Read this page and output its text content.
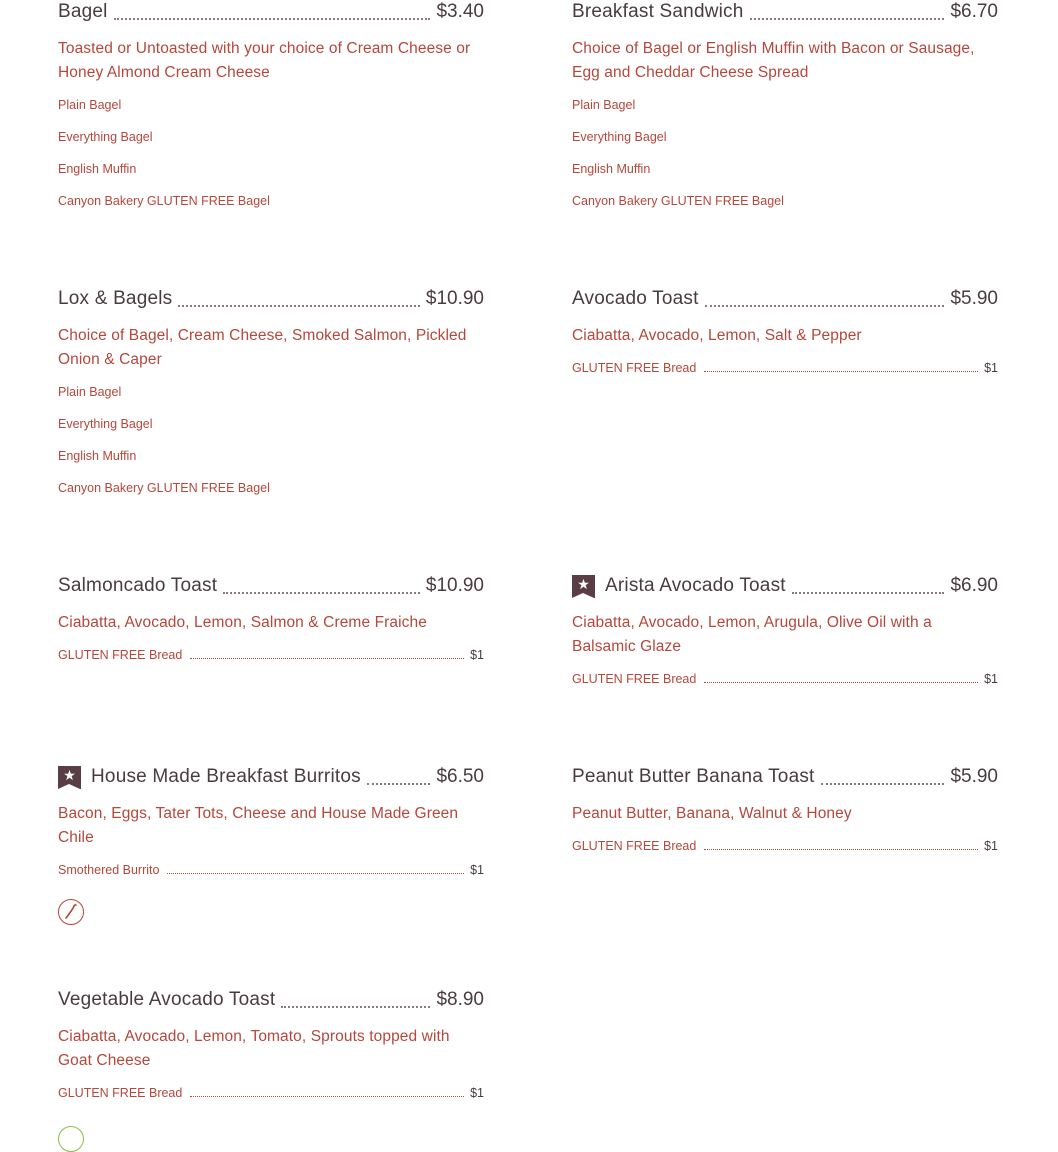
Bagel	$3.40
Toasted or Untoasted with your choice of Cream Cheese or Honey Almond Cream Cheese
Plain Bagel
Everything Bagel
English Muffin
Canyon Bakery GLUTEN FREE Bagel
Breakfast Sandwich	$6.70
Choice of Bagel or English Muffin with Bacon or Sausage, Egg and Cheddar Cheese Spread
Plain Bagel
Everything Bagel
English Muffin
Canyon Bakery GLUTEN FREE Bagel
Lox & Bagels	$10.90
Choice of Bagel, Cream Cheese, Smoked Salmon, Pickled Onion & Caper
Plain Bagel
Everything Bagel
English Muffin
Canyon Bakery GLUTEN FREE Bagel
Avocado Toast	$5.90
Ciabatta, Avocado, Lemon, Salt & Pepper
GLUTEN FREE Bread	$1
Salmoncado Toast	$10.90
Ciabatta, Avocado, Lemon, Salmon & Creme Fraiche
GLUTEN FREE Bread	$1
★ Arista Avocado Toast	$6.90
Ciabatta, Avocado, Lemon, Arugula, Olive Oil with a Balsamic Glaze
GLUTEN FREE Bread	$1
★ House Made Breakfast Burritos	$6.50
Bacon, Eggs, Tater Tots, Cheese and House Made Green Chile
Smothered Burrito	$1
Peanut Butter Banana Toast	$5.90
Peanut Butter, Banana, Walnut & Honey
GLUTEN FREE Bread	$1
Vegetable Avocado Toast	$8.90
Ciabatta, Avocado, Lemon, Tomato, Sprouts topped with Goat Cheese
GLUTEN FREE Bread	$1
